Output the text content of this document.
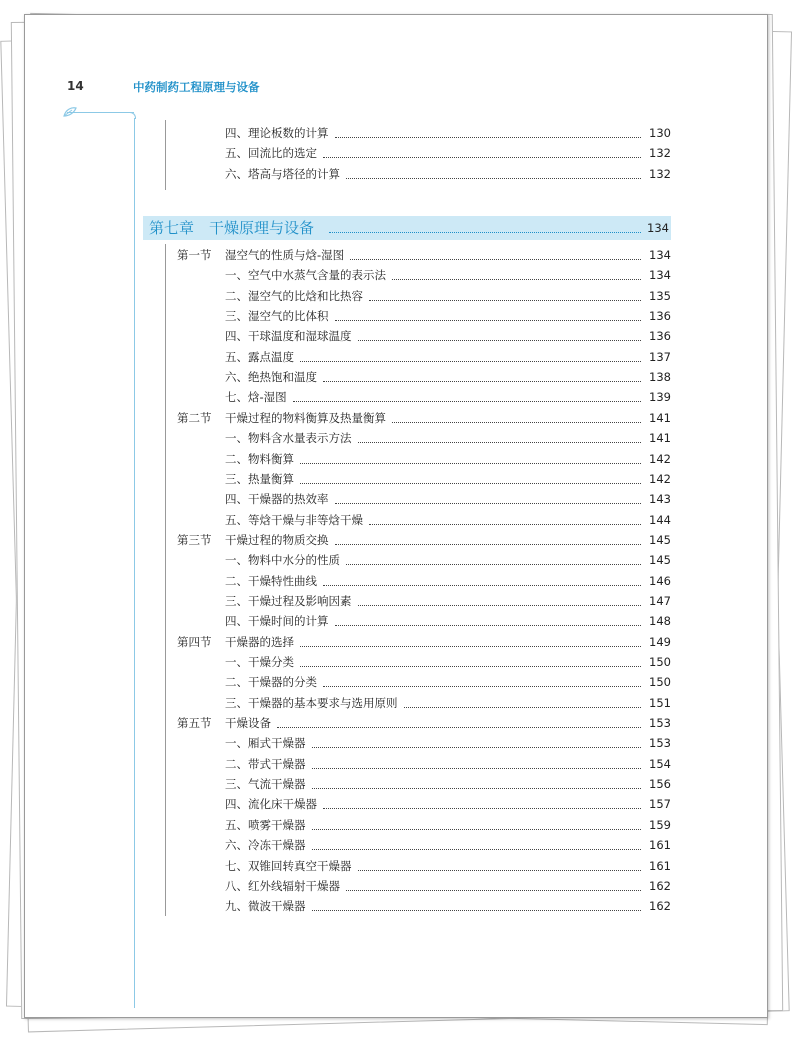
14	中药制药工程原理与设备
第七章　干燥原理与设备	134
四、理论板数的计算	130
五、回流比的选定	132
六、塔高与塔径的计算	132
第一节 湿空气的性质与焓-湿图	134
一、空气中水蒸气含量的表示法	134
二、湿空气的比焓和比热容	135
三、湿空气的比体积	136
四、干球温度和湿球温度	136
五、露点温度	137
六、绝热饱和温度	138
七、焓-湿图	139
第二节 干燥过程的物料衡算及热量衡算	141
一、物料含水量表示方法	141
二、物料衡算	142
三、热量衡算	142
四、干燥器的热效率	143
五、等焓干燥与非等焓干燥	144
第三节 干燥过程的物质交换	145
一、物料中水分的性质	145
二、干燥特性曲线	146
三、干燥过程及影响因素	147
四、干燥时间的计算	148
第四节 干燥器的选择	149
一、干燥分类	150
二、干燥器的分类	150
三、干燥器的基本要求与选用原则	151
第五节 干燥设备	153
一、厢式干燥器	153
二、带式干燥器	154
三、气流干燥器	156
四、流化床干燥器	157
五、喷雾干燥器	159
六、冷冻干燥器	161
七、双锥回转真空干燥器	161
八、红外线辐射干燥器	162
九、微波干燥器	162
